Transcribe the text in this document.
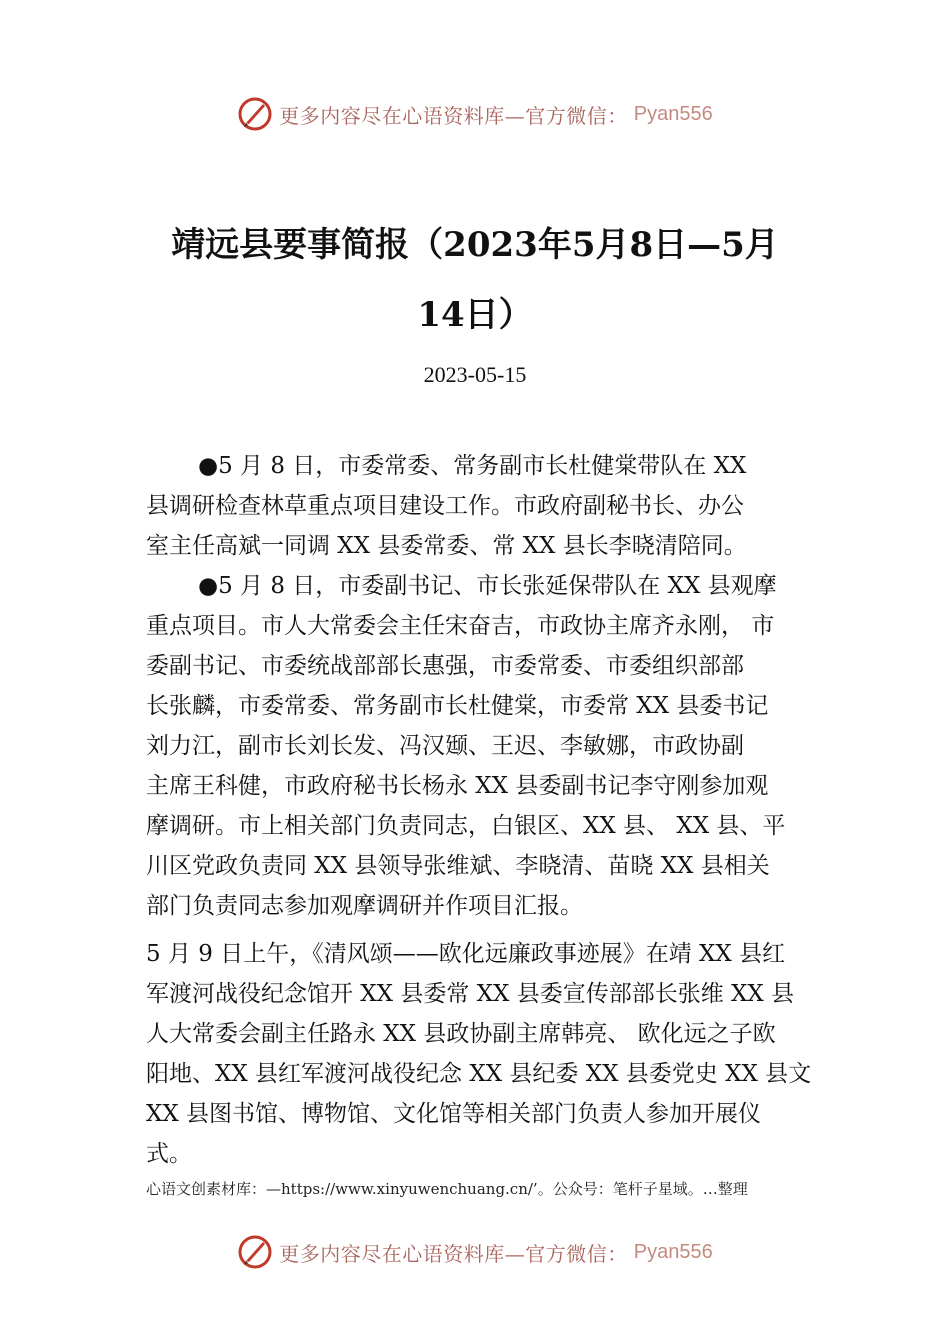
更多内容尽在心语资料库—官方微信： Pyan556
靖远县要事简报（2023年5月8日—5月
14日）
2023-05-15
●5 月 8 日，市委常委、常务副市长杜健棠带队在 XX
县调研检查林草重点项目建设工作。市政府副秘书长、办公
室主任高斌一同调 XX 县委常委、常 XX 县长李晓清陪同。
●5 月 8 日，市委副书记、市长张延保带队在 XX 县观摩
重点项目。市人大常委会主任宋奋吉，市政协主席齐永刚， 市
委副书记、市委统战部部长惠强，市委常委、市委组织部部
长张麟，市委常委、常务副市长杜健棠，市委常 XX 县委书记
刘力江，副市长刘长发、冯汉颋、王迟、李敏娜，市政协副
主席王科健，市政府秘书长杨永 XX 县委副书记李守刚参加观
摩调研。市上相关部门负责同志，白银区、XX 县、 XX 县、平
川区党政负责同 XX 县领导张维斌、李晓清、苗晓 XX 县相关
部门负责同志参加观摩调研并作项目汇报。
5 月 9 日上午，《清风颂——欧化远廉政事迹展》在靖 XX 县红
军渡河战役纪念馆开 XX 县委常 XX 县委宣传部部长张维 XX 县
人大常委会副主任路永 XX 县政协副主席韩亮、 欧化远之子欧
阳地、XX 县红军渡河战役纪念 XX 县纪委 XX 县委党史 XX 县文
XX 县图书馆、博物馆、文化馆等相关部门负责人参加开展仪
式。
心语文创素材库：—https://www.xinyuwenchuang.cn/’。公众号：笔杆子星域。…整理
更多内容尽在心语资料库—官方微信： Pyan556
